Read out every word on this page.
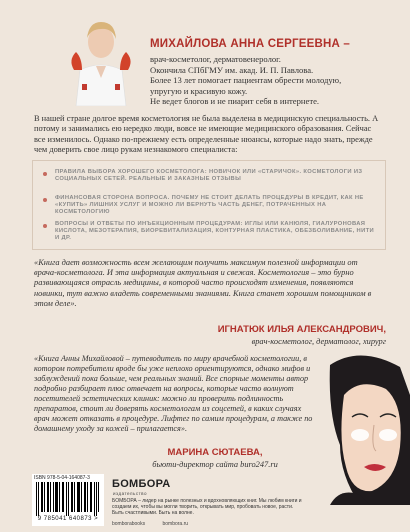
МИХАЙЛОВА АННА СЕРГЕЕВНА –
врач-косметолог, дерматовенеролог.
Окончила СПбГМУ им. акад. И. П. Павлова.
Более 13 лет помогает пациентам обрести молодую,
упругую и красивую кожу.
Не ведет блогов и не пиарит себя в интернете.
В нашей стране долгое время косметология не была выделена в медицинскую специальность. А потому и занимались ею нередко люди, вовсе не имеющие медицинского образования. Сейчас все изменилось. Однако по-прежнему есть определенные нюансы, которые надо знать, прежде чем доверить свое лицо рукам незнакомого специалиста:
ПРАВИЛА ВЫБОРА ХОРОШЕГО КОСМЕТОЛОГА: НОВИЧОК ИЛИ «СТАРИЧОК». КОСМЕТОЛОГИ ИЗ СОЦИАЛЬНЫХ СЕТЕЙ. РЕАЛЬНЫЕ И ЗАКАЗНЫЕ ОТЗЫВЫ
ФИНАНСОВАЯ СТОРОНА ВОПРОСА. ПОЧЕМУ НЕ СТОИТ ДЕЛАТЬ ПРОЦЕДУРЫ В КРЕДИТ, КАК НЕ «КУПИТЬ» ЛИШНИХ УСЛУГ И МОЖНО ЛИ ВЕРНУТЬ ЧАСТЬ ДЕНЕГ, ПОТРАЧЕННЫХ НА КОСМЕТОЛОГИЮ
ВОПРОСЫ И ОТВЕТЫ ПО ИНЪЕКЦИОННЫМ ПРОЦЕДУРАМ: ИГЛЫ ИЛИ КАНЮЛЯ, ГИАЛУРОНОВАЯ КИСЛОТА, МЕЗОТЕРАПИЯ, БИОРЕВИТАЛИЗАЦИЯ, КОНТУРНАЯ ПЛАСТИКА, ОБЕЗБОЛИВАНИЕ, НИТИ И ДР.
«Книга дает возможность всем желающим получить максимум полезной информации от врача-косметолога. И эта информация актуальная и свежая. Косметология – это бурно развивающаяся отрасль медицины, в которой часто происходят изменения, появляются новинки, тут важно владеть современными знаниями. Книга станет хорошим помощником в этом деле».
ИГНАТЮК ИЛЬЯ АЛЕКСАНДРОВИЧ,
врач-косметолог, дерматолог, хирург
«Книга Анны Михайловой – путеводитель по миру врачебной косметологии, в котором потребители вроде бы уже неплохо ориентируются, однако мифов и заблуждений пока больше, чем реальных знаний. Все спорные моменты автор подробно разбирает плюс отвечает на вопросы, которые часто волнуют посетителей эстетических клиник: можно ли проверить подлинность препаратов, стоит ли доверять косметологам из соцсетей, в каких случаях врач может отказать в процедуре. Лифтег по самим процедурам, а также по домашнему уходу за кожей – прилагается».
МАРИНА СЮТАЕВА,
бьюти-директор сайта buro247.ru
ISBN 978-5-04-164087-3
9 785041 640873 >
БОМБОРА
издательство
БОМБОРА – лидер на рынке полезных и вдохновляющих книг. Мы любим книги и создаем их, чтобы вы могли творить, открывать мир, пробовать новое, расти. Быть счастливыми. Быть на волне.
bomborabooks	bombora.ru
